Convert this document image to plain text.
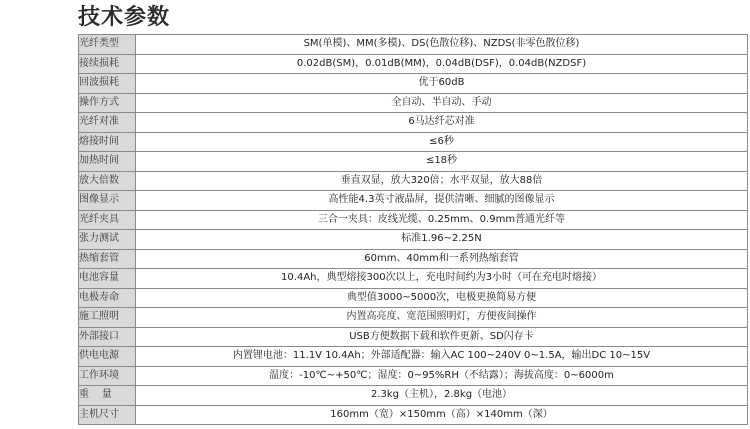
技术参数
光纤类型	SM(单模)、MM(多模)、DS(色散位移)、NZDS(非零色散位移)
接续损耗	0.02dB(SM)，0.01dB(MM)，0.04dB(DSF)，0.04dB(NZDSF)
回波损耗	优于60dB
操作方式	全自动、半自动、手动
光纤对准	6马达纤芯对准
熔接时间	≤6秒
加热时间	≤18秒
放大倍数	垂直双显，放大320倍；水平双显，放大88倍
图像显示	高性能4.3英寸液晶屏，提供清晰、细腻的图像显示
光纤夹具	三合一夹具：皮线光缆、0.25mm、0.9mm普通光纤等
张力测试	标准1.96~2.25N
热缩套管	60mm、40mm和一系列热缩套管
电池容量	10.4Ah，典型熔接300次以上，充电时间约为3小时（可在充电时熔接）
电极寿命	典型值3000~5000次，电极更换简易方便
施工照明	内置高亮度、宽范围照明灯，方便夜间操作
外部接口	USB方便数据下载和软件更新、SD闪存卡
供电电源	内置锂电池：11.1V 10.4Ah；外部适配器：输入AC 100~240V 0~1.5A，输出DC 10~15V
工作环境	温度：-10℃~+50℃；湿度：0~95%RH（不结露）；海拔高度：0~6000m
重    量	2.3kg（主机），2.8kg（电池）
主机尺寸	160mm（宽）×150mm（高）×140mm（深）
